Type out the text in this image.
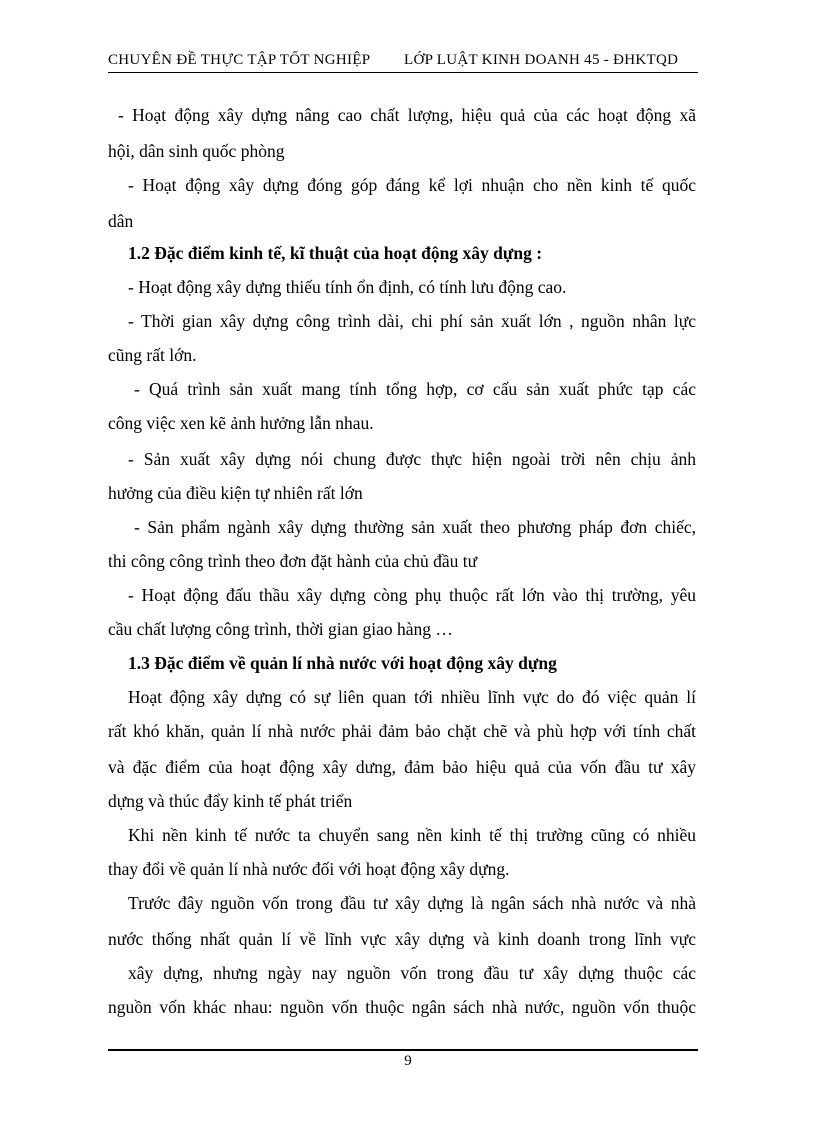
CHUYÊN ĐỀ THỰC TẬP TỐT NGHIỆP LỚP LUẬT KINH DOANH 45 - ĐHKTQD
- Hoạt động xây dựng nâng cao chất lượng, hiệu quả của các hoạt động xã
hội, dân sinh quốc phòng
- Hoạt động xây dựng đóng góp đáng kể lợi nhuận cho nền kinh tế quốc
dân
1.2 Đặc điểm kinh tế, kĩ thuật của hoạt động xây dựng :
- Hoạt động xây dựng thiếu tính ổn định, có tính lưu động cao.
- Thời gian xây dựng công trình dài, chi phí sản xuất lớn , nguồn nhân lực
cũng rất lớn.
- Quá trình sản xuất mang tính tổng hợp, cơ cấu sản xuất phức tạp các
công việc xen kẽ ảnh hưởng lẫn nhau.
- Sản xuất xây dựng nói chung được thực hiện ngoài trời nên chịu ảnh
hưởng của điều kiện tự nhiên rất lớn
- Sản phẩm ngành xây dựng thường sản xuất theo phương pháp đơn chiếc,
thi công công trình theo đơn đặt hành của chủ đầu tư
- Hoạt động đấu thầu xây dựng còng phụ thuộc rất lớn vào thị trường, yêu
cầu chất lượng công trình, thời gian giao hàng …
1.3 Đặc điểm về quản lí nhà nước với hoạt động xây dựng
Hoạt động xây dựng có sự liên quan tới nhiều lĩnh vực do đó việc quản lí
rất khó khăn, quản lí nhà nước phải đảm bảo chặt chẽ và phù hợp với tính chất
và đặc điểm của hoạt động xây dưng, đảm bảo hiệu quả của vốn đầu tư xây
dựng và thúc đẩy kinh tế phát triển
Khi nền kinh tế nước ta chuyển sang nền kinh tế thị trường cũng có nhiều
thay đổi về quản lí nhà nước đối với hoạt động xây dựng.
Trước đây nguồn vốn trong đầu tư xây dựng là ngân sách nhà nước và nhà
nước thống nhất quản lí về lĩnh vực xây dựng và kinh doanh trong lĩnh vực
xây dựng, nhưng ngày nay nguồn vốn trong đầu tư xây dựng thuộc các
nguồn vốn khác nhau: nguồn vốn thuộc ngân sách nhà nước, nguồn vốn thuộc
9
